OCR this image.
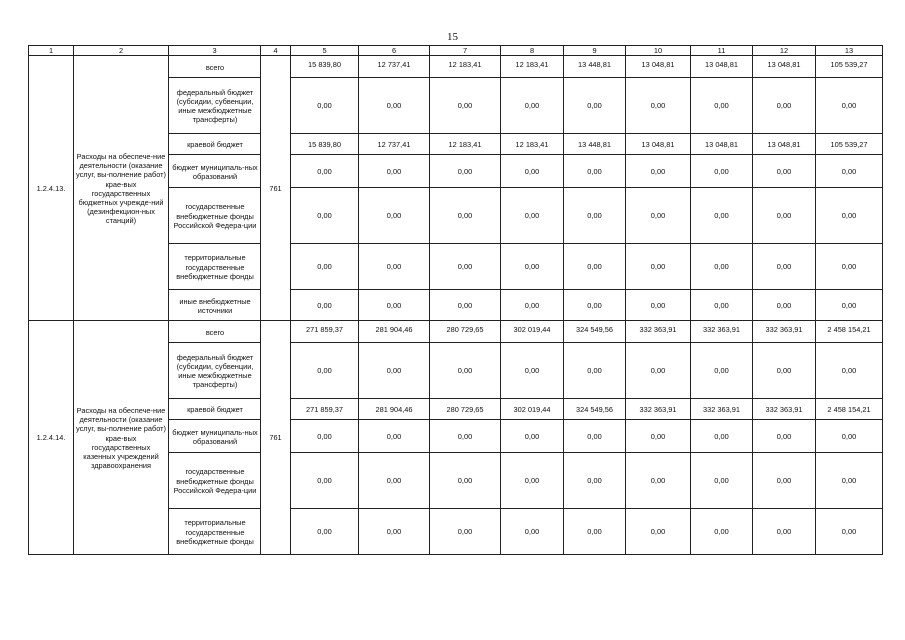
15
1	2	3	4	5	6	7	8	9	10	11	12	13
1.2.4.13.	Расходы на обеспече-ние деятельности (оказание услуг, вы-полнение работ) крае-вых государственных бюджетных учрежде-ний (дезинфекцион-ных станций)	всего	761	15 839,80	12 737,41	12 183,41	12 183,41	13 448,81	13 048,81	13 048,81	13 048,81	105 539,27
		федеральный бюджет (субсидии, субвенции, иные межбюджетные трансферты)		0,00	0,00	0,00	0,00	0,00	0,00	0,00	0,00	0,00
		краевой бюджет		15 839,80	12 737,41	12 183,41	12 183,41	13 448,81	13 048,81	13 048,81	13 048,81	105 539,27
		бюджет муниципаль-ных образований		0,00	0,00	0,00	0,00	0,00	0,00	0,00	0,00	0,00
		государственные внебюджетные фонды Российской Федера-ции		0,00	0,00	0,00	0,00	0,00	0,00	0,00	0,00	0,00
		территориальные государственные внебюджетные фонды		0,00	0,00	0,00	0,00	0,00	0,00	0,00	0,00	0,00
		иные внебюджетные источники		0,00	0,00	0,00	0,00	0,00	0,00	0,00	0,00	0,00
1.2.4.14.	Расходы на обеспече-ние деятельности (оказание услуг, вы-полнение работ) крае-вых государственных казенных учреждений здравоохранения	всего	761	271 859,37	281 904,46	280 729,65	302 019,44	324 549,56	332 363,91	332 363,91	332 363,91	2 458 154,21
		федеральный бюджет (субсидии, субвенции, иные межбюджетные трансферты)		0,00	0,00	0,00	0,00	0,00	0,00	0,00	0,00	0,00
		краевой бюджет		271 859,37	281 904,46	280 729,65	302 019,44	324 549,56	332 363,91	332 363,91	332 363,91	2 458 154,21
		бюджет муниципаль-ных образований		0,00	0,00	0,00	0,00	0,00	0,00	0,00	0,00	0,00
		государственные внебюджетные фонды Российской Федера-ции		0,00	0,00	0,00	0,00	0,00	0,00	0,00	0,00	0,00
		территориальные государственные внебюджетные фонды		0,00	0,00	0,00	0,00	0,00	0,00	0,00	0,00	0,00
